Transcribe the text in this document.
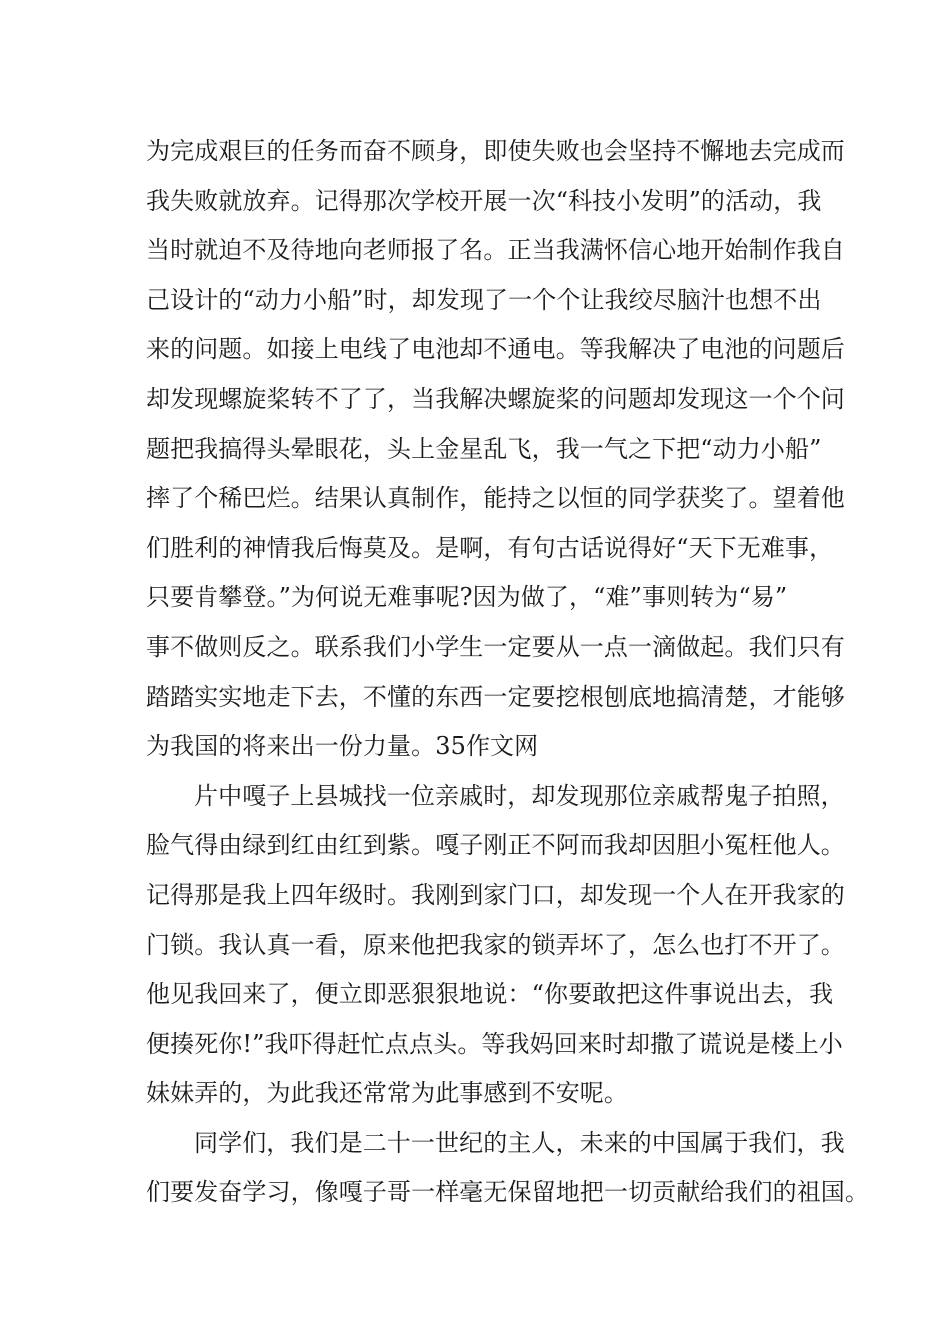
为完成艰巨的任务而奋不顾身，即使失败也会坚持不懈地去完成而
我失败就放弃。记得那次学校开展一次“科技小发明”的活动，我
当时就迫不及待地向老师报了名。正当我满怀信心地开始制作我自
己设计的“动力小船”时，却发现了一个个让我绞尽脑汁也想不出
来的问题。如接上电线了电池却不通电。等我解决了电池的问题后
却发现螺旋桨转不了了，当我解决螺旋桨的问题却发现这一个个问
题把我搞得头晕眼花，头上金星乱飞，我一气之下把“动力小船”
摔了个稀巴烂。结果认真制作，能持之以恒的同学获奖了。望着他
们胜利的神情我后悔莫及。是啊，有句古话说得好“天下无难事，
只要肯攀登。”为何说无难事呢?因为做了，“难”事则转为“易”
事不做则反之。联系我们小学生一定要从一点一滴做起。我们只有
踏踏实实地走下去，不懂的东西一定要挖根刨底地搞清楚，才能够
为我国的将来出一份力量。35作文网
片中嘎子上县城找一位亲戚时，却发现那位亲戚帮鬼子拍照，
脸气得由绿到红由红到紫。嘎子刚正不阿而我却因胆小冤枉他人。
记得那是我上四年级时。我刚到家门口，却发现一个人在开我家的
门锁。我认真一看，原来他把我家的锁弄坏了，怎么也打不开了。
他见我回来了，便立即恶狠狠地说：“你要敢把这件事说出去，我
便揍死你!”我吓得赶忙点点头。等我妈回来时却撒了谎说是楼上小
妹妹弄的，为此我还常常为此事感到不安呢。
同学们，我们是二十一世纪的主人，未来的中国属于我们，我
们要发奋学习，像嘎子哥一样毫无保留地把一切贡献给我们的祖国。
